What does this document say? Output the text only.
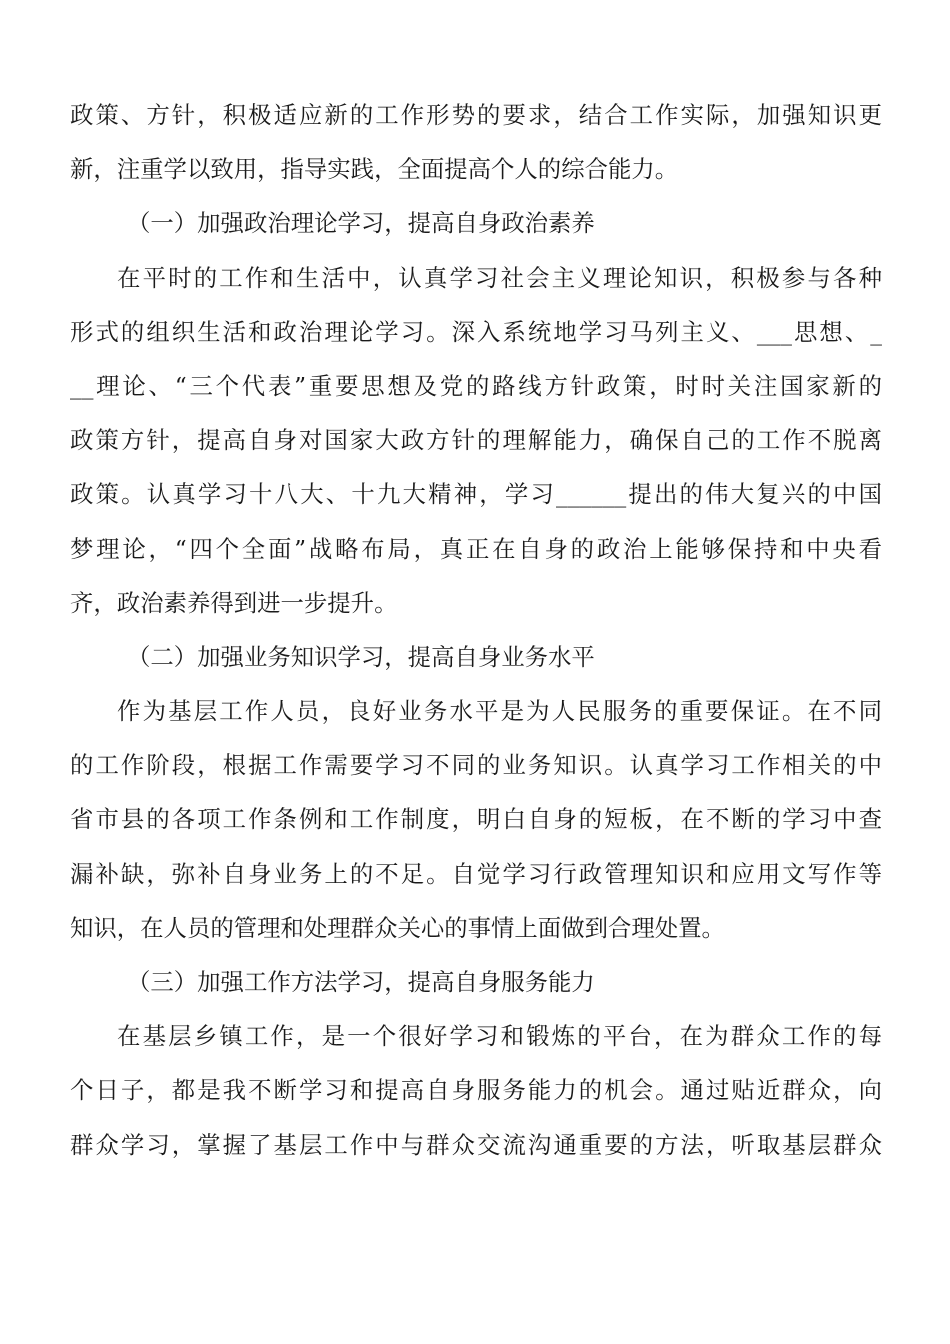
政策、方针，积极适应新的工作形势的要求，结合工作实际，加强知识更
新，注重学以致用，指导实践，全面提高个人的综合能力。
（一）加强政治理论学习，提高自身政治素养
在平时的工作和生活中，认真学习社会主义理论知识，积极参与各种
形式的组织生活和政治理论学习。深入系统地学习马列主义、___思想、_
__理论、“三个代表”重要思想及党的路线方针政策，时时关注国家新的
政策方针，提高自身对国家大政方针的理解能力，确保自己的工作不脱离
政策。认真学习十八大、十九大精神，学习______提出的伟大复兴的中国
梦理论，“四个全面”战略布局，真正在自身的政治上能够保持和中央看
齐，政治素养得到进一步提升。
（二）加强业务知识学习，提高自身业务水平
作为基层工作人员，良好业务水平是为人民服务的重要保证。在不同
的工作阶段，根据工作需要学习不同的业务知识。认真学习工作相关的中
省市县的各项工作条例和工作制度，明白自身的短板，在不断的学习中查
漏补缺，弥补自身业务上的不足。自觉学习行政管理知识和应用文写作等
知识，在人员的管理和处理群众关心的事情上面做到合理处置。
（三）加强工作方法学习，提高自身服务能力
在基层乡镇工作，是一个很好学习和锻炼的平台，在为群众工作的每
个日子，都是我不断学习和提高自身服务能力的机会。通过贴近群众，向
群众学习，掌握了基层工作中与群众交流沟通重要的方法，听取基层群众
